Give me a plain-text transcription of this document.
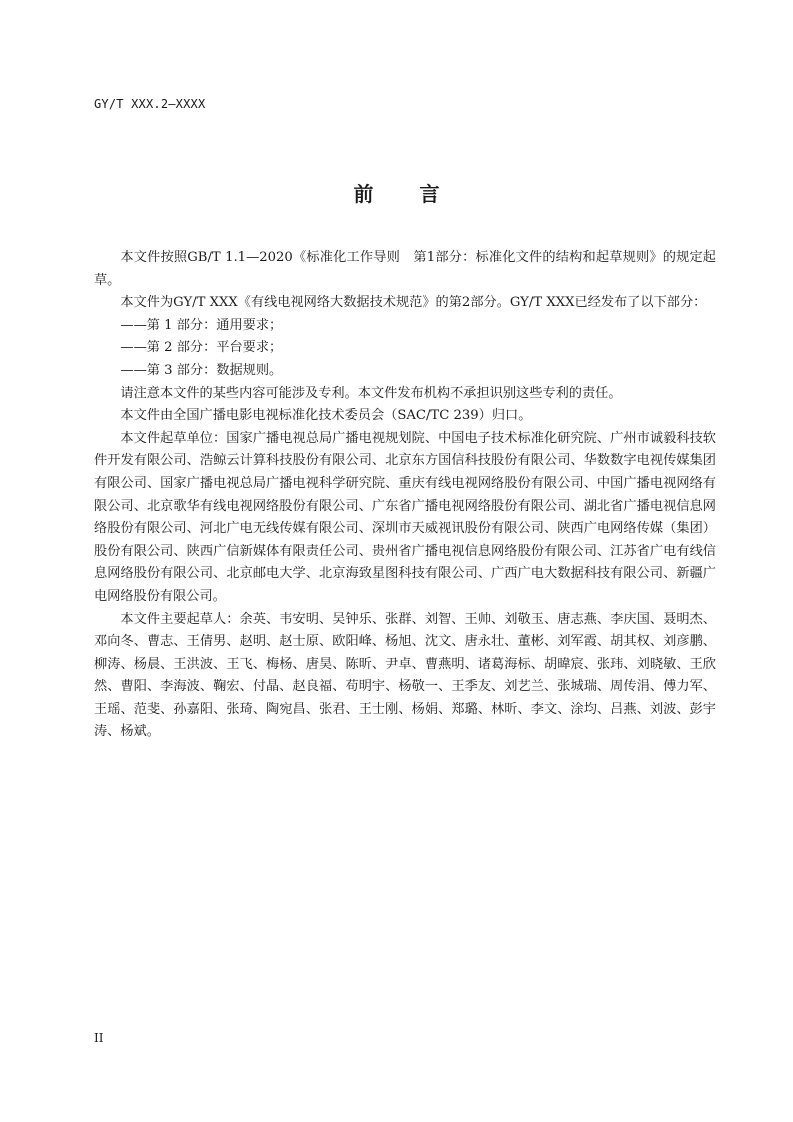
GY/T XXX.2—XXXX
前言

本文件按照GB/T 1.1—2020《标准化工作导则　第1部分：标准化文件的结构和起草规则》的规定起草。

本文件为GY/T XXX《有线电视网络大数据技术规范》的第2部分。GY/T XXX已经发布了以下部分：

——第 1 部分：通用要求；

——第 2 部分：平台要求；

——第 3 部分：数据规则。

请注意本文件的某些内容可能涉及专利。本文件发布机构不承担识别这些专利的责任。

本文件由全国广播电影电视标准化技术委员会（SAC/TC 239）归口。

本文件起草单位：国家广播电视总局广播电视规划院、中国电子技术标准化研究院、广州市诚毅科技软件开发有限公司、浩鲸云计算科技股份有限公司、北京东方国信科技股份有限公司、华数数字电视传媒集团有限公司、国家广播电视总局广播电视科学研究院、重庆有线电视网络股份有限公司、中国广播电视网络有限公司、北京歌华有线电视网络股份有限公司、广东省广播电视网络股份有限公司、湖北省广播电视信息网络股份有限公司、河北广电无线传媒有限公司、深圳市天威视讯股份有限公司、陕西广电网络传媒（集团）股份有限公司、陕西广信新媒体有限责任公司、贵州省广播电视信息网络股份有限公司、江苏省广电有线信息网络股份有限公司、北京邮电大学、北京海致星图科技有限公司、广西广电大数据科技有限公司、新疆广电网络股份有限公司。

本文件主要起草人：余英、韦安明、吴钟乐、张群、刘智、王帅、刘敬玉、唐志燕、李庆国、聂明杰、邓向冬、曹志、王倩男、赵明、赵士原、欧阳峰、杨旭、沈文、唐永壮、董彬、刘军霞、胡其权、刘彦鹏、柳涛、杨晨、王洪波、王飞、梅杨、唐昊、陈昕、尹卓、曹燕明、诸葛海标、胡暐宸、张玮、刘晓敏、王欣然、曹阳、李海波、鞠宏、付晶、赵良福、苟明宇、杨敬一、王季友、刘艺兰、张城瑞、周传涓、傅力军、王瑶、范斐、孙嘉阳、张琦、陶宛昌、张君、王士刚、杨娟、郑璐、林昕、李文、涂均、吕燕、刘波、彭宇涛、杨斌。

II
